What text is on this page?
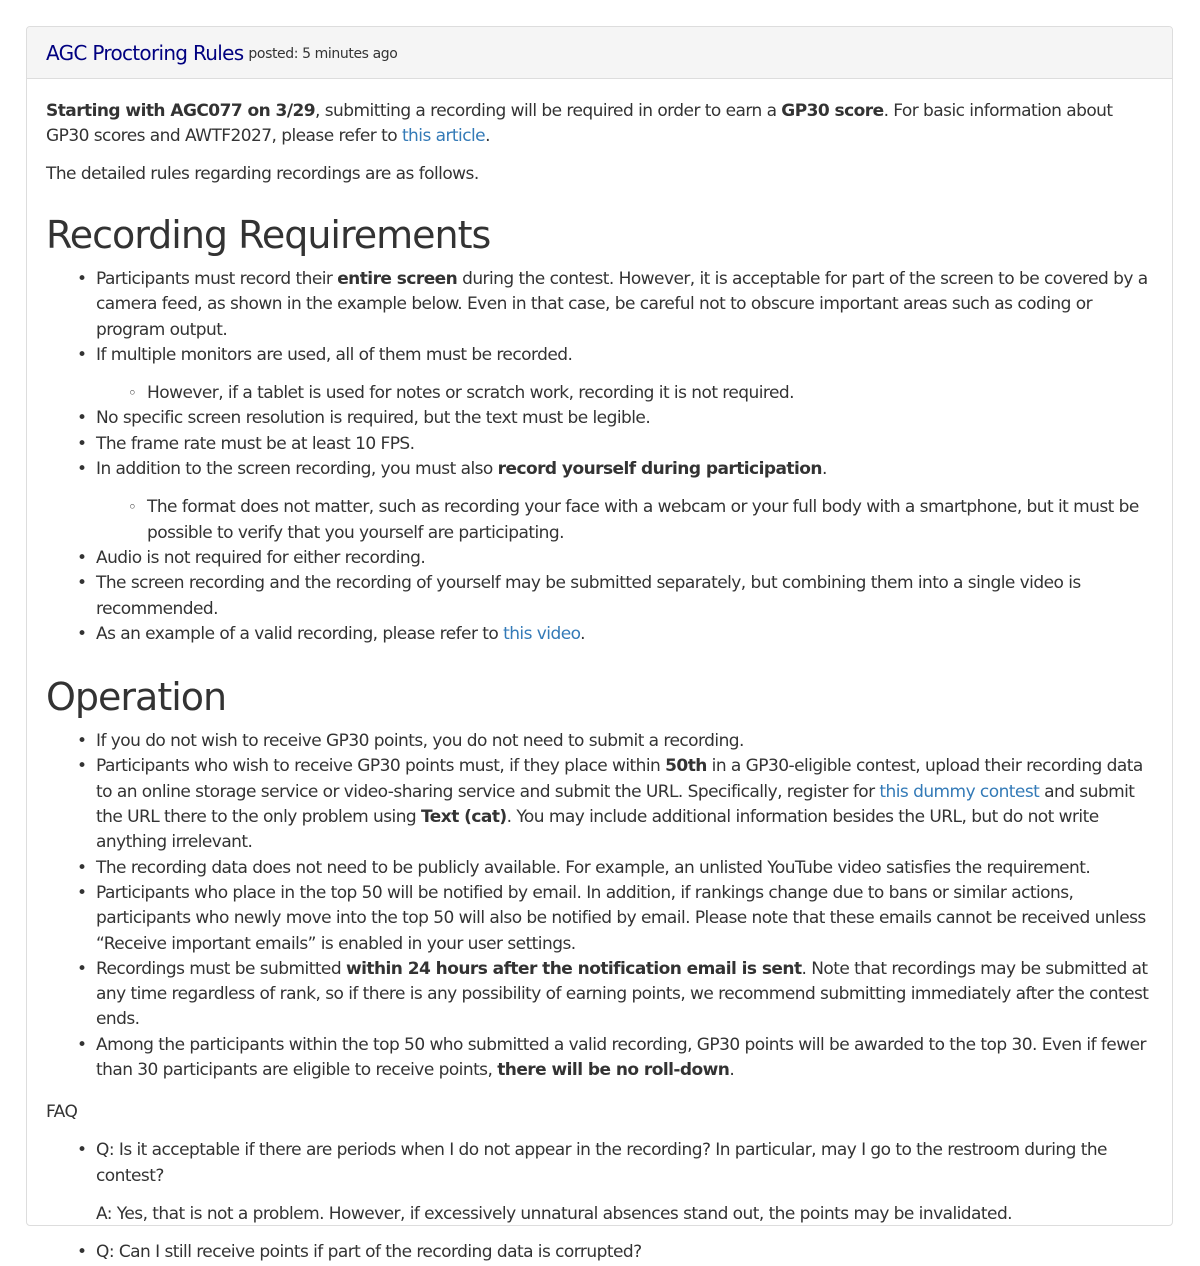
AGC Proctoring Rules posted: 5 minutes ago

Starting with AGC077 on 3/29, submitting a recording will be required in order to earn a GP30 score. For basic information about GP30 scores and AWTF2027, please refer to this article.

The detailed rules regarding recordings are as follows.

Recording Requirements
• Participants must record their entire screen during the contest. However, it is acceptable for part of the screen to be covered by a camera feed, as shown in the example below. Even in that case, be careful not to obscure important areas such as coding or program output.
• If multiple monitors are used, all of them must be recorded.
◦ However, if a tablet is used for notes or scratch work, recording it is not required.
• No specific screen resolution is required, but the text must be legible.
• The frame rate must be at least 10 FPS.
• In addition to the screen recording, you must also record yourself during participation.
◦ The format does not matter, such as recording your face with a webcam or your full body with a smartphone, but it must be possible to verify that you yourself are participating.
• Audio is not required for either recording.
• The screen recording and the recording of yourself may be submitted separately, but combining them into a single video is recommended.
• As an example of a valid recording, please refer to this video.
Operation
• If you do not wish to receive GP30 points, you do not need to submit a recording.
• Participants who wish to receive GP30 points must, if they place within 50th in a GP30-eligible contest, upload their recording data to an online storage service or video-sharing service and submit the URL. Specifically, register for this dummy contest and submit the URL there to the only problem using Text (cat). You may include additional information besides the URL, but do not write anything irrelevant.
• The recording data does not need to be publicly available. For example, an unlisted YouTube video satisfies the requirement.
• Participants who place in the top 50 will be notified by email. In addition, if rankings change due to bans or similar actions, participants who newly move into the top 50 will also be notified by email. Please note that these emails cannot be received unless “Receive important emails” is enabled in your user settings.
• Recordings must be submitted within 24 hours after the notification email is sent. Note that recordings may be submitted at any time regardless of rank, so if there is any possibility of earning points, we recommend submitting immediately after the contest ends.
• Among the participants within the top 50 who submitted a valid recording, GP30 points will be awarded to the top 30. Even if fewer than 30 participants are eligible to receive points, there will be no roll-down.
FAQ

• Q: Is it acceptable if there are periods when I do not appear in the recording? In particular, may I go to the restroom during the contest?

A: Yes, that is not a problem. However, if excessively unnatural absences stand out, the points may be invalidated.

• Q: Can I still receive points if part of the recording data is corrupted?
